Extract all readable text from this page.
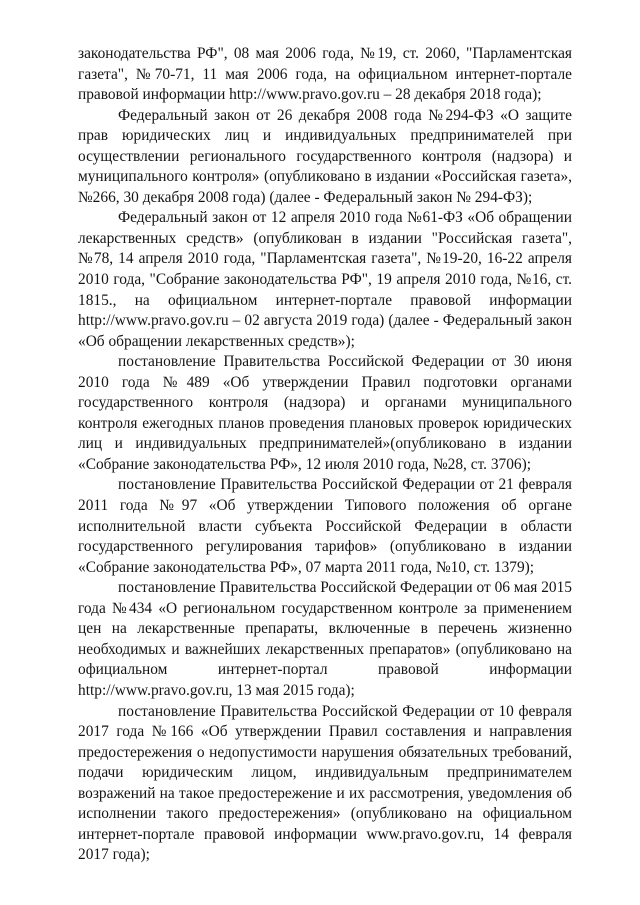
законодательства РФ", 08 мая 2006 года, №19, ст. 2060, "Парламентская газета", №70-71, 11 мая 2006 года, на официальном интернет-портале правовой информации http://www.pravo.gov.ru – 28 декабря 2018 года);

Федеральный закон от 26 декабря 2008 года №294-ФЗ «О защите прав юридических лиц и индивидуальных предпринимателей при осуществлении регионального государственного контроля (надзора) и муниципального контроля» (опубликовано в издании «Российская газета», №266, 30 декабря 2008 года) (далее - Федеральный закон № 294-ФЗ);

Федеральный закон от 12 апреля 2010 года №61-ФЗ «Об обращении лекарственных средств» (опубликован в издании "Российская газета", №78, 14 апреля 2010 года, "Парламентская газета", №19-20, 16-22 апреля 2010 года, "Собрание законодательства РФ", 19 апреля 2010 года, №16, ст. 1815., на официальном интернет-портале правовой информации http://www.pravo.gov.ru – 02 августа 2019 года) (далее - Федеральный закон «Об обращении лекарственных средств»);

постановление Правительства Российской Федерации от 30 июня 2010 года №489 «Об утверждении Правил подготовки органами государственного контроля (надзора) и органами муниципального контроля ежегодных планов проведения плановых проверок юридических лиц и индивидуальных предпринимателей»(опубликовано в издании «Собрание законодательства РФ», 12 июля 2010 года, №28, ст. 3706);

постановление Правительства Российской Федерации от 21 февраля 2011 года №97 «Об утверждении Типового положения об органе исполнительной власти субъекта Российской Федерации в области государственного регулирования тарифов» (опубликовано в издании «Собрание законодательства РФ», 07 марта 2011 года, №10, ст. 1379);

постановление Правительства Российской Федерации от 06 мая 2015 года №434 «О региональном государственном контроле за применением цен на лекарственные препараты, включенные в перечень жизненно необходимых и важнейших лекарственных препаратов» (опубликовано на официальном интернет-портал правовой информации http://www.pravo.gov.ru, 13 мая 2015 года);

постановление Правительства Российской Федерации от 10 февраля 2017 года №166 «Об утверждении Правил составления и направления предостережения о недопустимости нарушения обязательных требований, подачи юридическим лицом, индивидуальным предпринимателем возражений на такое предостережение и их рассмотрения, уведомления об исполнении такого предостережения» (опубликовано на официальном интернет-портале правовой информации www.pravo.gov.ru, 14 февраля 2017 года);
